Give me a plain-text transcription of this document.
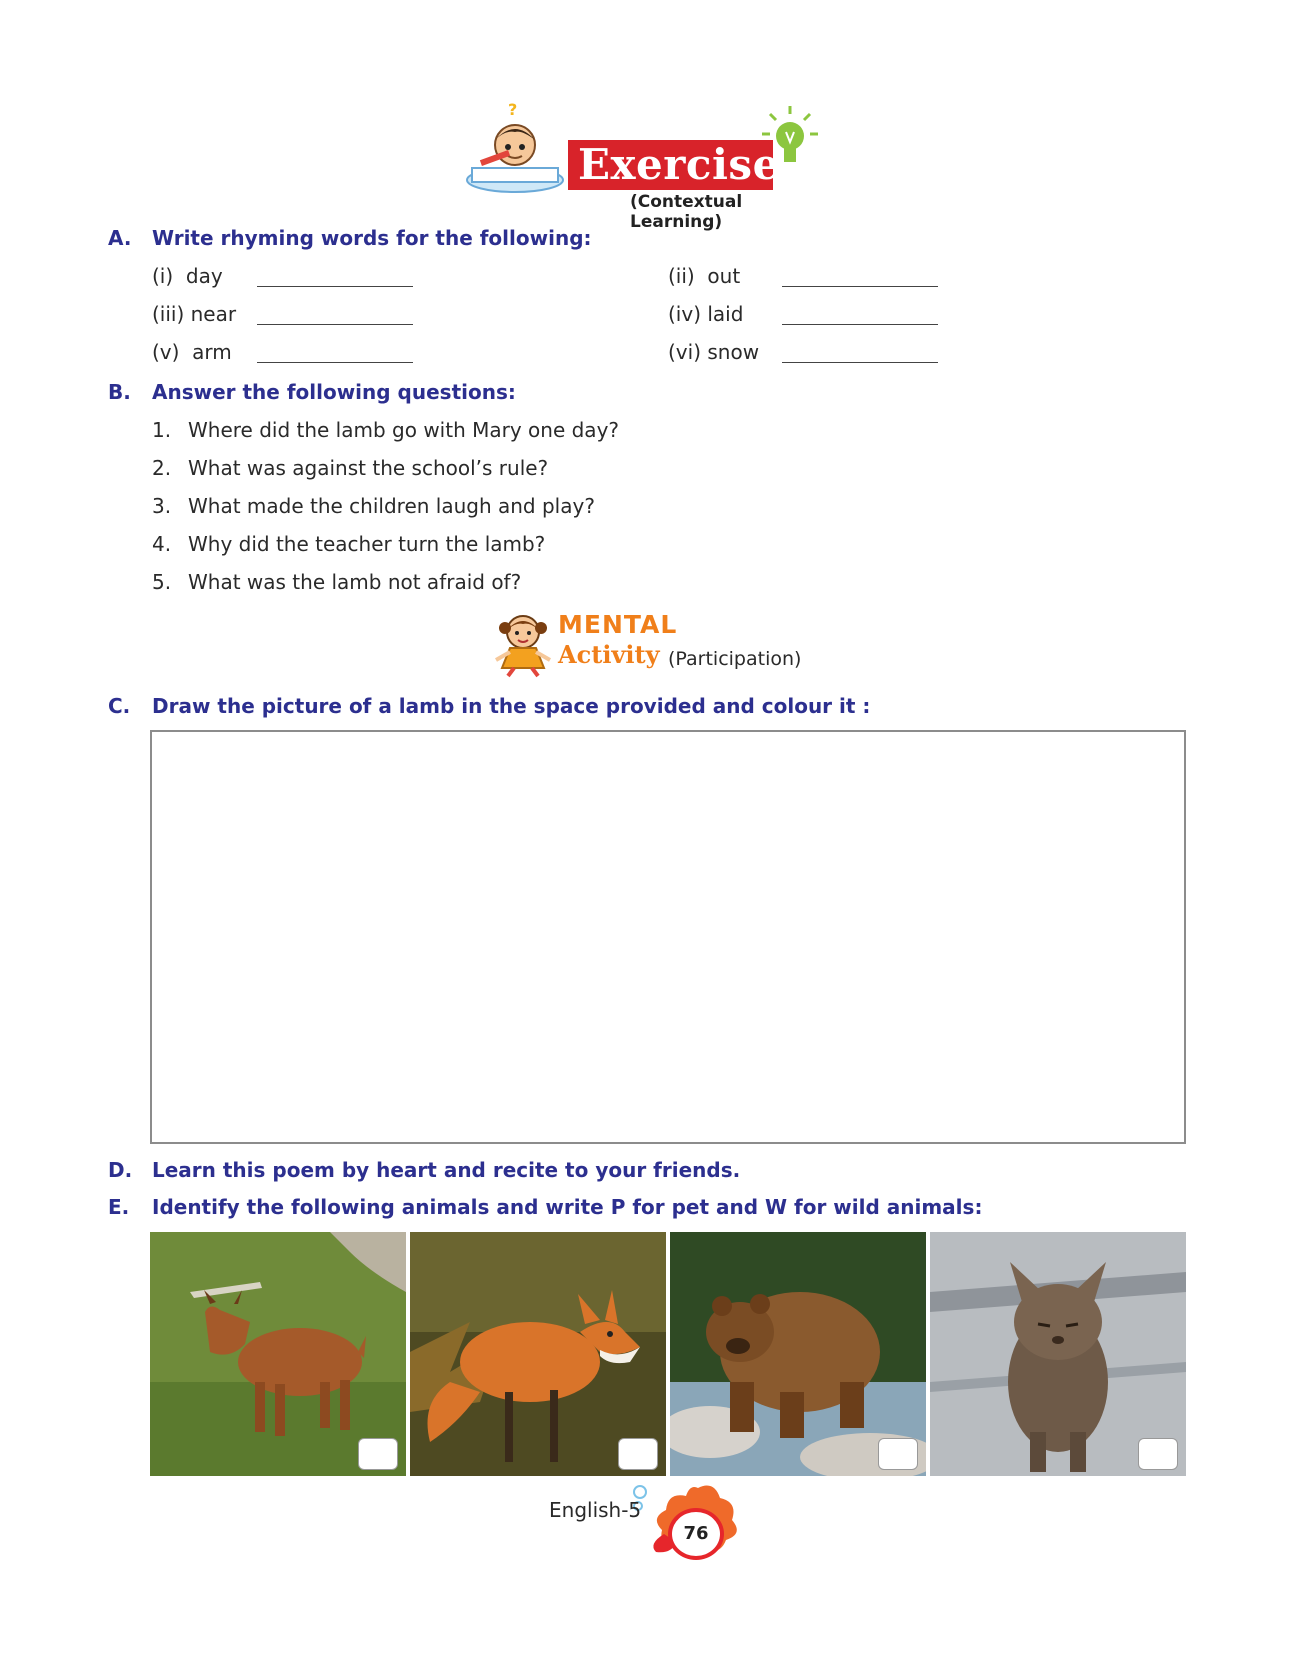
?
Exercise
(Contextual Learning)
A. Write rhyming words for the following:
(i)  day	(ii)  out
(iii) near	(iv) laid
(v)  arm	(vi) snow
B. Answer the following questions:
1. Where did the lamb go with Mary one day?
2. What was against the school’s rule?
3. What made the children laugh and play?
4. Why did the teacher turn the lamb?
5. What was the lamb not afraid of?
MENTAL
Activity (Participation)
C. Draw the picture of a lamb in the space provided and colour it :
D. Learn this poem by heart and recite to your friends.
E. Identify the following animals and write P for pet and W for wild animals:
English-5
76
